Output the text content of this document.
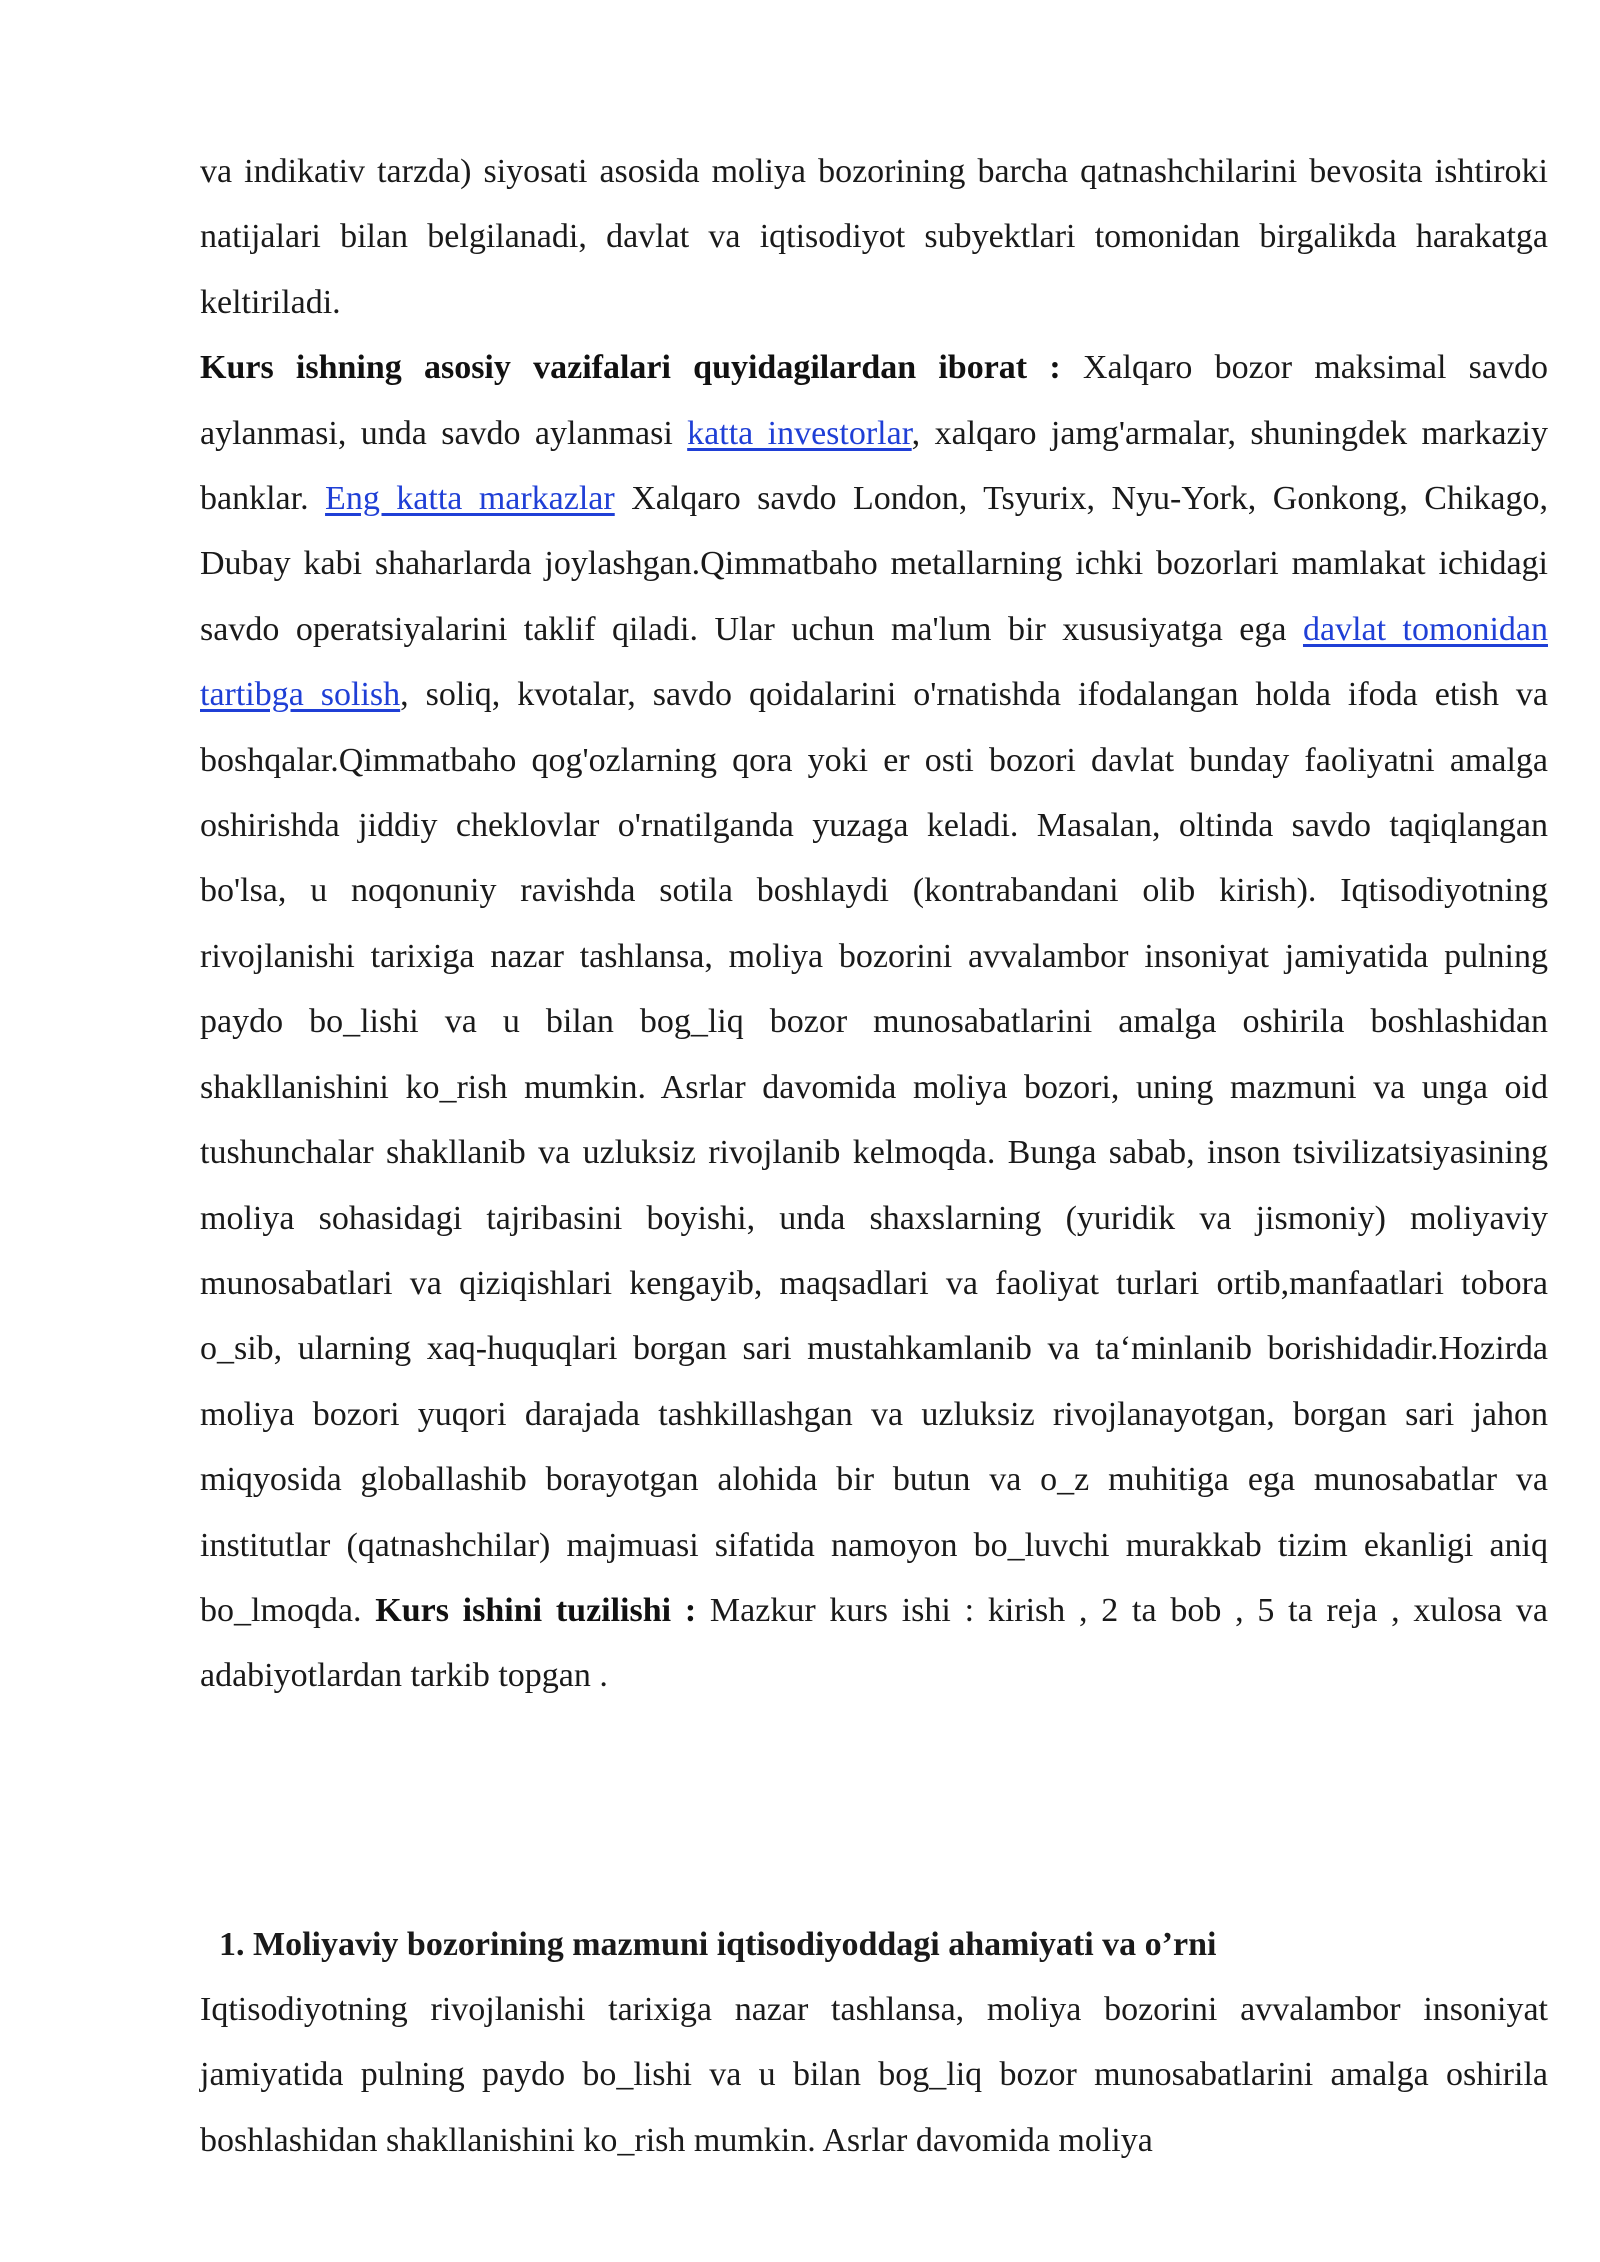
va indikativ tarzda) siyosati asosida moliya bozorining barcha qatnashchilarini bevosita ishtiroki natijalari bilan belgilanadi, davlat va iqtisodiyot subyektlari tomonidan birgalikda harakatga keltiriladi.
Kurs ishning asosiy vazifalari quyidagilardan iborat : Xalqaro bozor maksimal savdo aylanmasi, unda savdo aylanmasi katta investorlar, xalqaro jamg'armalar, shuningdek markaziy banklar. Eng katta markazlar Xalqaro savdo London, Tsyurix, Nyu-York, Gonkong, Chikago, Dubay kabi shaharlarda joylashgan.Qimmatbaho metallarning ichki bozorlari mamlakat ichidagi savdo operatsiyalarini taklif qiladi. Ular uchun ma'lum bir xususiyatga ega davlat tomonidan tartibga solish, soliq, kvotalar, savdo qoidalarini o'rnatishda ifodalangan holda ifoda etish va boshqalar.Qimmatbaho qog'ozlarning qora yoki er osti bozori davlat bunday faoliyatni amalga oshirishda jiddiy cheklovlar o'rnatilganda yuzaga keladi. Masalan, oltinda savdo taqiqlangan bo'lsa, u noqonuniy ravishda sotila boshlaydi (kontrabandani olib kirish). Iqtisodiyotning rivojlanishi tarixiga nazar tashlansa, moliya bozorini avvalambor insoniyat jamiyatida pulning paydo bo_lishi va u bilan bog_liq bozor munosabatlarini amalga oshirila boshlashidan shakllanishini ko_rish mumkin. Asrlar davomida moliya bozori, uning mazmuni va unga oid tushunchalar shakllanib va uzluksiz rivojlanib kelmoqda. Bunga sabab, inson tsivilizatsiyasining moliya sohasidagi tajribasini boyishi, unda shaxslarning (yuridik va jismoniy) moliyaviy munosabatlari va qiziqishlari kengayib, maqsadlari va faoliyat turlari ortib,manfaatlari tobora o_sib, ularning xaq-huquqlari borgan sari mustahkamlanib va ta‘minlanib borishidadir.Hozirda moliya bozori yuqori darajada tashkillashgan va uzluksiz rivojlanayotgan, borgan sari jahon miqyosida globallashib borayotgan alohida bir butun va o_z muhitiga ega munosabatlar va institutlar (qatnashchilar) majmuasi sifatida namoyon bo_luvchi murakkab tizim ekanligi aniq bo_lmoqda. Kurs ishini tuzilishi : Mazkur kurs ishi : kirish , 2 ta bob , 5 ta reja , xulosa va adabiyotlardan tarkib topgan .
1. Moliyaviy bozorining mazmuni iqtisodiyoddagi ahamiyati va o’rni

Iqtisodiyotning rivojlanishi tarixiga nazar tashlansa, moliya bozorini avvalambor insoniyat jamiyatida pulning paydo bo_lishi va u bilan bog_liq bozor munosabatlarini amalga oshirila boshlashidan shakllanishini ko_rish mumkin. Asrlar davomida moliya
